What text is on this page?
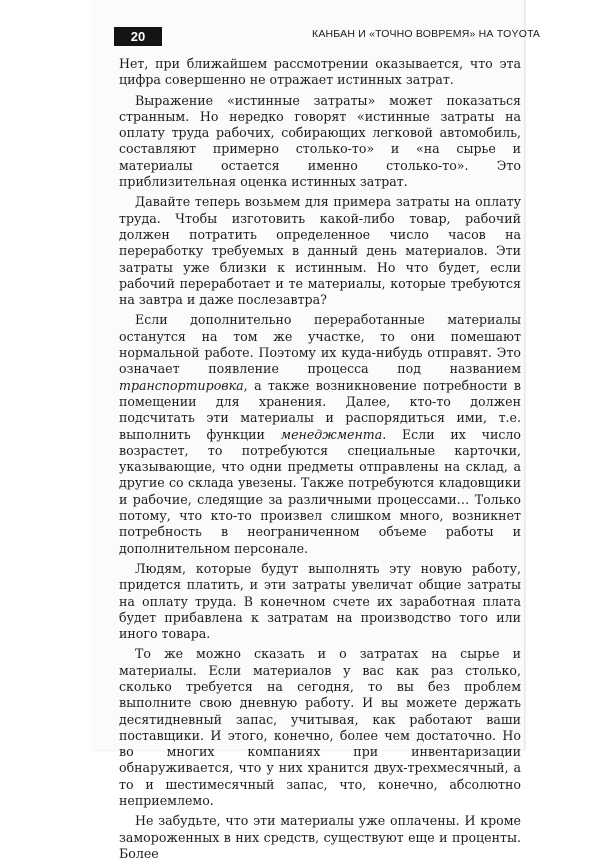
20	КАНБАН И «ТОЧНО ВОВРЕМЯ» НА TOYOTA

Нет, при ближайшем рассмотрении оказывается, что эта цифра совершенно не отражает истинных затрат.

Выражение «истинные затраты» может показаться странным. Но нередко говорят «истинные затраты на оплату труда рабочих, собирающих легковой автомобиль, составляют примерно столько-то» и «на сырье и материалы остается именно столько-то». Это приблизительная оценка истинных затрат.

Давайте теперь возьмем для примера затраты на оплату труда. Чтобы изготовить какой-либо товар, рабочий должен потратить определенное число часов на переработку требуемых в данный день материалов. Эти затраты уже близки к истинным. Но что будет, если рабочий переработает и те материалы, которые требуются на завтра и даже послезавтра?

Если дополнительно переработанные материалы останутся на том же участке, то они помешают нормальной работе. Поэтому их куда-нибудь отправят. Это означает появление процесса под названием транспортировка, а также возникновение потребности в помещении для хранения. Далее, кто-то должен подсчитать эти материалы и распорядиться ими, т.е. выполнить функции менеджмента. Если их число возрастет, то потребуются специальные карточки, указывающие, что одни предметы отправлены на склад, а другие со склада увезены. Также потребуются кладовщики и рабочие, следящие за различными процессами… Только потому, что кто-то произвел слишком много, возникнет потребность в неограниченном объеме работы и дополнительном персонале.

Людям, которые будут выполнять эту новую работу, придется платить, и эти затраты увеличат общие затраты на оплату труда. В конечном счете их заработная плата будет прибавлена к затратам на производство того или иного товара.

То же можно сказать и о затратах на сырье и материалы. Если материалов у вас как раз столько, сколько требуется на сегодня, то вы без проблем выполните свою дневную работу. И вы можете держать десятидневный запас, учитывая, как работают ваши поставщики. И этого, конечно, более чем достаточно. Но во многих компаниях при инвентаризации обнаруживается, что у них хранится двух-трехмесячный, а то и шестимесячный запас, что, конечно, абсолютно неприемлемо.

Не забудьте, что эти материалы уже оплачены. И кроме замороженных в них средств, существуют еще и проценты. Более
